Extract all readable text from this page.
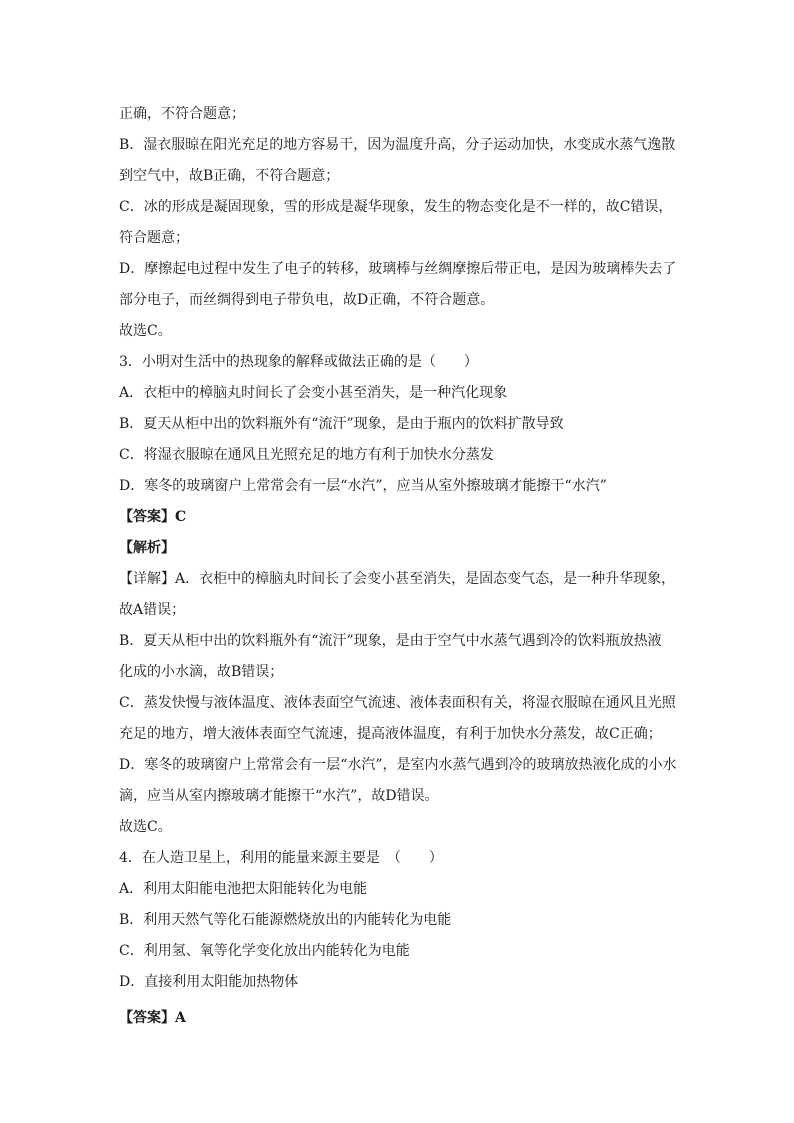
正确，不符合题意；
B．湿衣服晾在阳光充足的地方容易干，因为温度升高，分子运动加快，水变成水蒸气逸散
到空气中，故B正确，不符合题意；
C．冰的形成是凝固现象，雪的形成是凝华现象，发生的物态变化是不一样的，故C错误，
符合题意；
D．摩擦起电过程中发生了电子的转移，玻璃棒与丝绸摩擦后带正电，是因为玻璃棒失去了
部分电子，而丝绸得到电子带负电，故D正确，不符合题意。
故选C。
3．小明对生活中的热现象的解释或做法正确的是（　　）
A．衣柜中的樟脑丸时间长了会变小甚至消失，是一种汽化现象
B．夏天从柜中出的饮料瓶外有“流汗”现象，是由于瓶内的饮料扩散导致
C．将湿衣服晾在通风且光照充足的地方有利于加快水分蒸发
D．寒冬的玻璃窗户上常常会有一层“水汽”，应当从室外擦玻璃才能擦干“水汽”
【答案】C
【解析】
【详解】A．衣柜中的樟脑丸时间长了会变小甚至消失，是固态变气态，是一种升华现象，
故A错误；
B．夏天从柜中出的饮料瓶外有“流汗”现象，是由于空气中水蒸气遇到冷的饮料瓶放热液
化成的小水滴，故B错误；
C．蒸发快慢与液体温度、液体表面空气流速、液体表面积有关，将湿衣服晾在通风且光照
充足的地方，增大液体表面空气流速，提高液体温度，有利于加快水分蒸发，故C正确；
D．寒冬的玻璃窗户上常常会有一层“水汽”，是室内水蒸气遇到冷的玻璃放热液化成的小水
滴，应当从室内擦玻璃才能擦干“水汽”，故D错误。
故选C。
4．在人造卫星上，利用的能量来源主要是　（　　）
A．利用太阳能电池把太阳能转化为电能
B．利用天然气等化石能源燃烧放出的内能转化为电能
C．利用氢、氧等化学变化放出内能转化为电能
D．直接利用太阳能加热物体
【答案】A
